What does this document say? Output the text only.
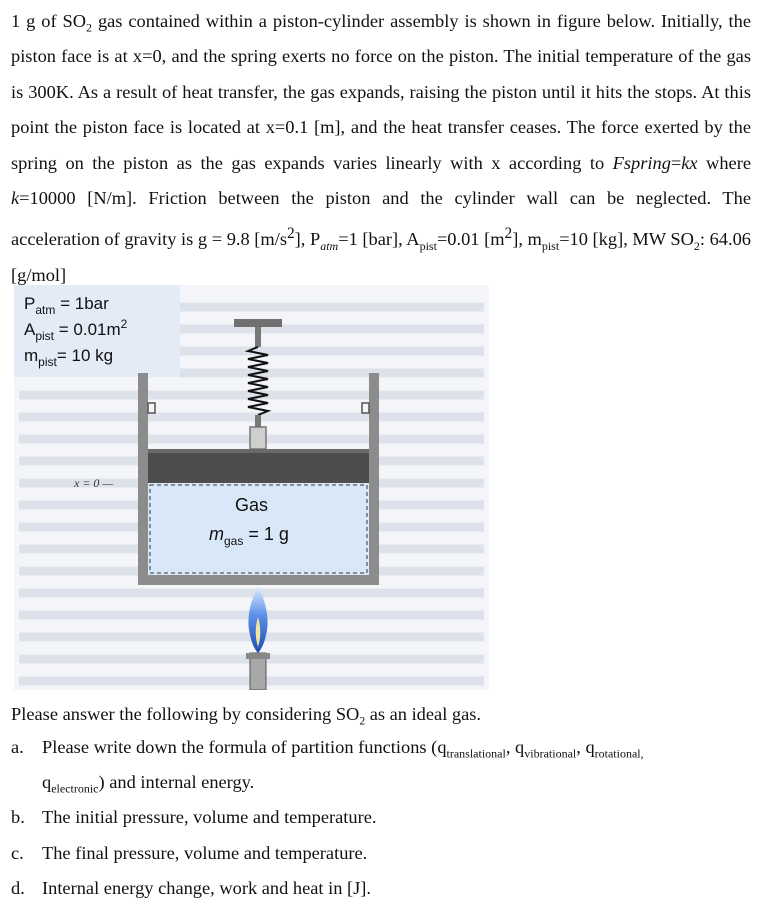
1 g of $SO_2$ gas contained within a piston-cylinder assembly is shown in figure below. Initially, the piston face is at x=0, and the spring exerts no force on the piston. The initial temperature of the gas is 300K. As a result of heat transfer, the gas expands, raising the piston until it hits the stops. At this point the piston face is located at x=0.1 [m], and the heat transfer ceases. The force exerted by the spring on the piston as the gas expands varies linearly with x according to Fspring=kx where k=10000 [N/m]. Friction between the piston and the cylinder wall can be neglected. The acceleration of gravity is g = 9.8 $[m/s^2]$, $P_{atm}=1$ [bar], $A_{pist}=0.01$ $[m^2]$, $m_{pist}=10$ [kg], MW $SO_2$: 64.06 [g/mol]

$P_{atm} = 1bar$
$A_{pist} = 0.01m^2$
$m_{pist}= 10$ kg
x = 0 —
Gas
$m_{gas} = 1$ g

Please answer the following by considering $SO_2$ as an ideal gas.

a. Please write down the formula of partition functions ($q_{translational}$, $q_{vibrational}$, $q_{rotational,}$

$q_{electronic}$) and internal energy.

b. The initial pressure, volume and temperature.

c. The final pressure, volume and temperature.

d. Internal energy change, work and heat in [J].
